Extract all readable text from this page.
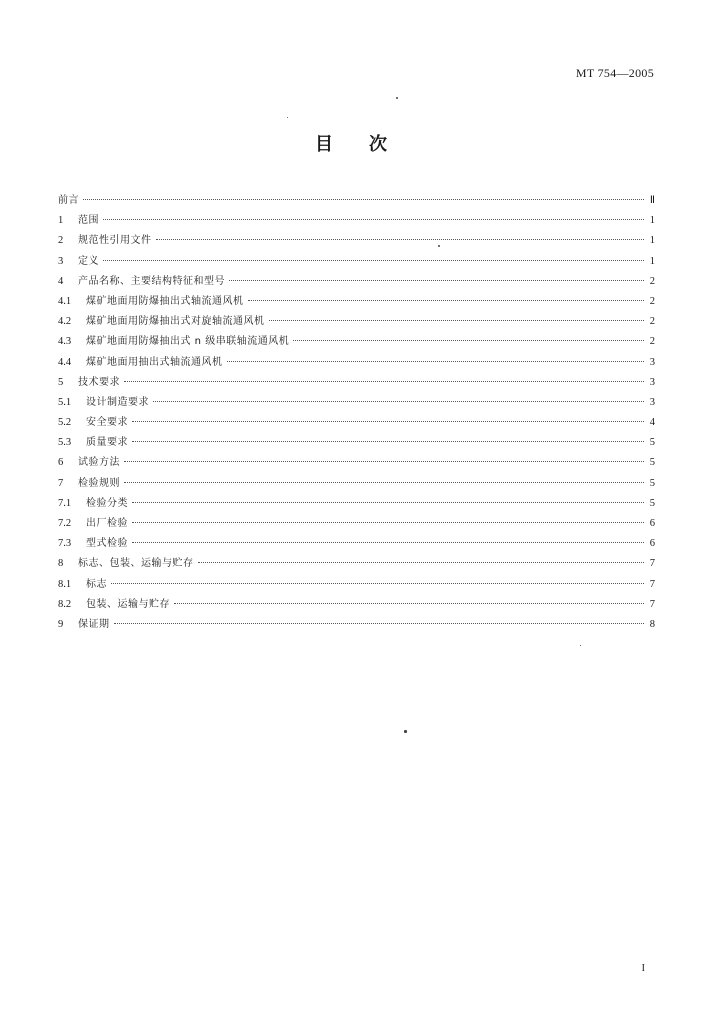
MT 754—2005
目次
前言	Ⅱ
1	范围	1
2	规范性引用文件	1
3	定义	1
4	产品名称、主要结构特征和型号	2
4.1	煤矿地面用防爆抽出式轴流通风机	2
4.2	煤矿地面用防爆抽出式对旋轴流通风机	2
4.3	煤矿地面用防爆抽出式 n 级串联轴流通风机	2
4.4	煤矿地面用抽出式轴流通风机	3
5	技术要求	3
5.1	设计制造要求	3
5.2	安全要求	4
5.3	质量要求	5
6	试验方法	5
7	检验规则	5
7.1	检验分类	5
7.2	出厂检验	6
7.3	型式检验	6
8	标志、包装、运输与贮存	7
8.1	标志	7
8.2	包装、运输与贮存	7
9	保证期	8
I
